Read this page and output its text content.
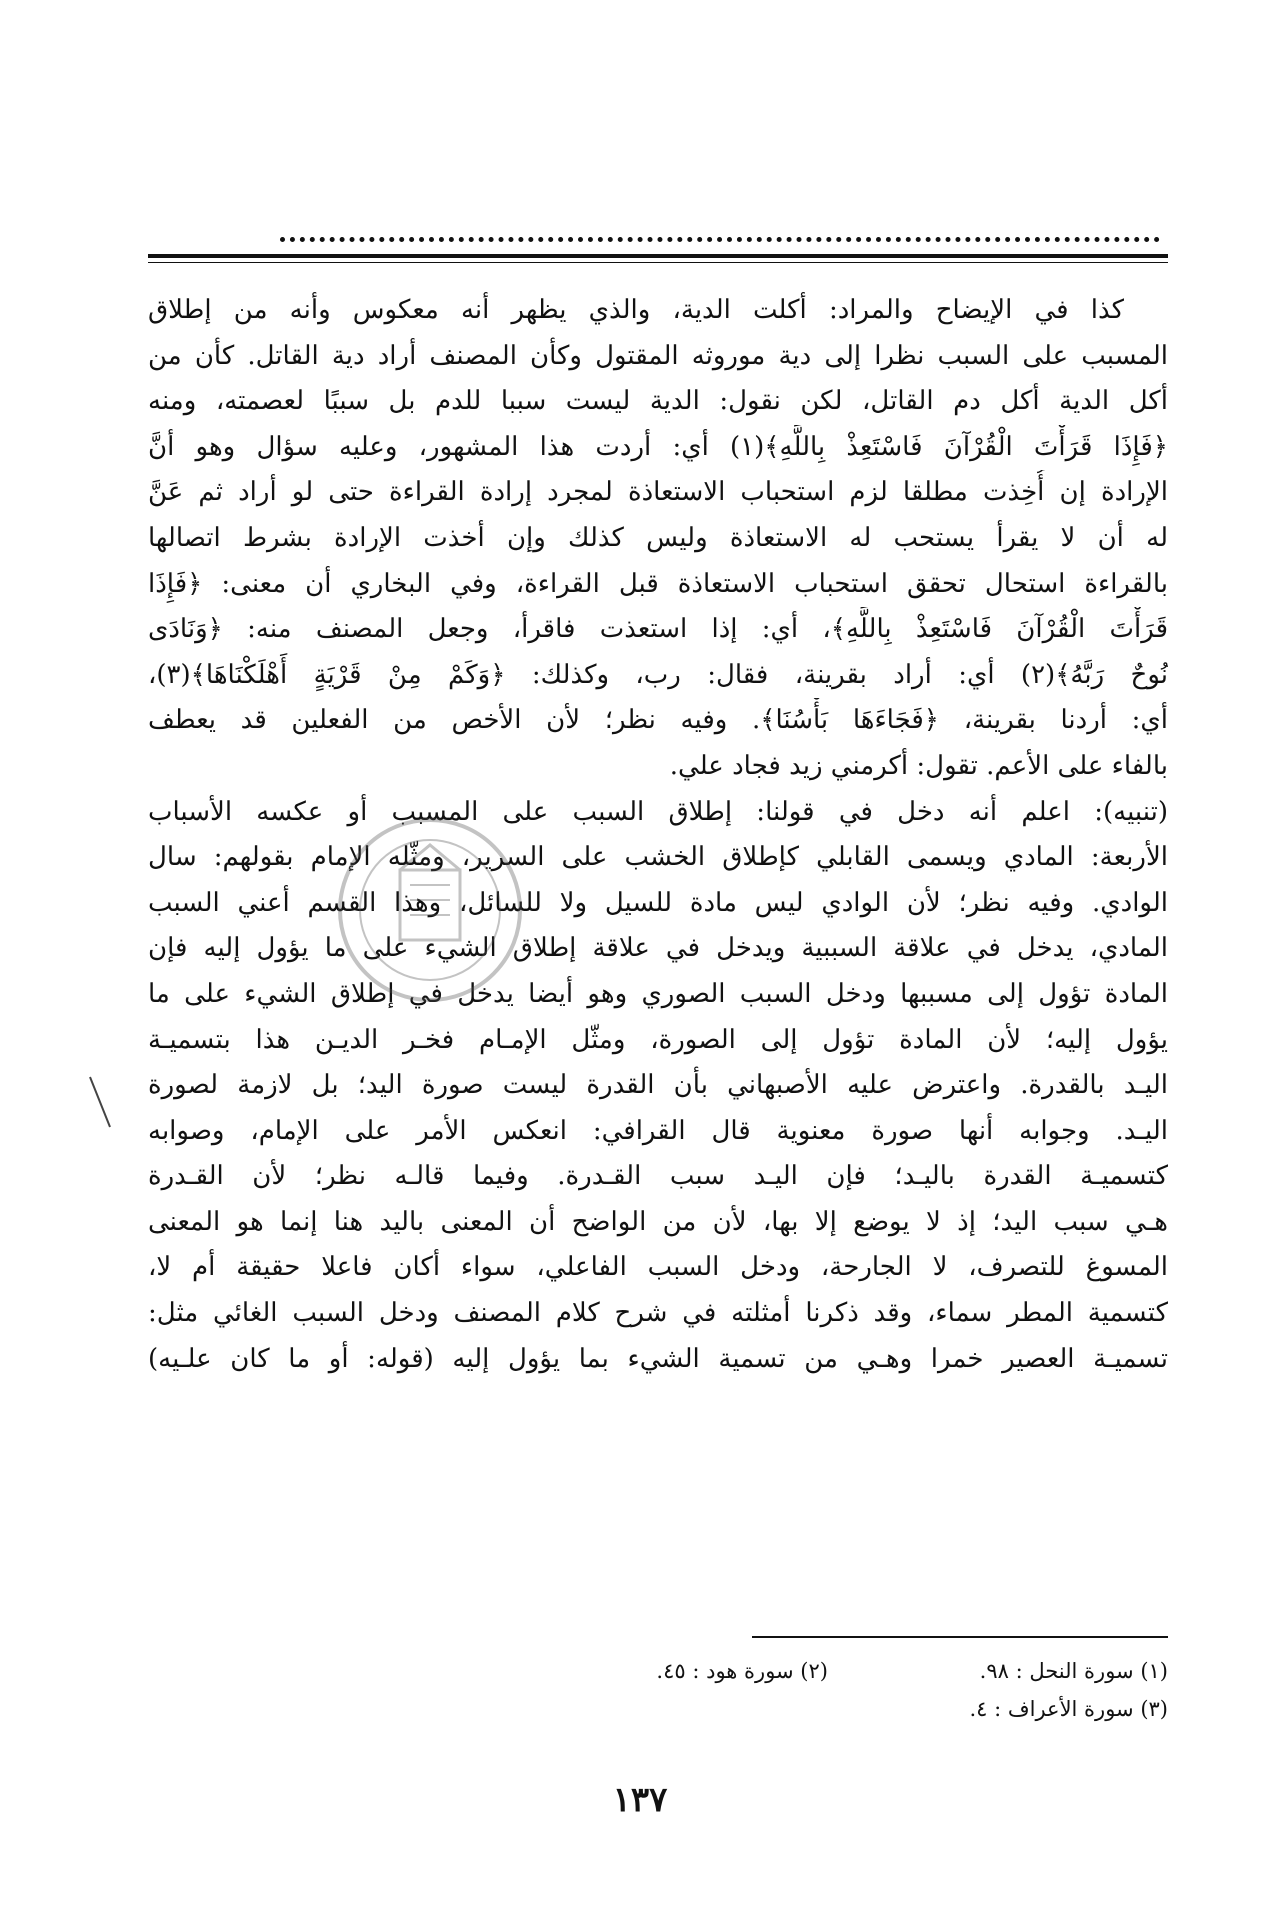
كذا في الإيضاح والمراد: أكلت الدية، والذي يظهر أنه معكوس وأنه من إطلاق
المسبب على السبب نظرا إلى دية موروثه المقتول وكأن المصنف أراد دية القاتل. كأن من
أكل الدية أكل دم القاتل، لكن نقول: الدية ليست سببا للدم بل سببًا لعصمته، ومنه
﴿فَإِذَا قَرَأْتَ الْقُرْآنَ فَاسْتَعِذْ بِاللَّهِ﴾(١) أي: أردت هذا المشهور، وعليه سؤال وهو أنَّ
الإرادة إن أُخِذت مطلقا لزم استحباب الاستعاذة لمجرد إرادة القراءة حتى لو أراد ثم عَنَّ
له أن لا يقرأ يستحب له الاستعاذة وليس كذلك وإن أخذت الإرادة بشرط اتصالها
بالقراءة استحال تحقق استحباب الاستعاذة قبل القراءة، وفي البخاري أن معنى: ﴿فَإِذَا
قَرَأْتَ الْقُرْآنَ فَاسْتَعِذْ بِاللَّهِ﴾، أي: إذا استعذت فاقرأ، وجعل المصنف منه: ﴿وَنَادَى
نُوحٌ رَبَّهُ﴾(٢) أي: أراد بقرينة، فقال: رب، وكذلك: ﴿وَكَمْ مِنْ قَرْيَةٍ أَهْلَكْنَاهَا﴾(٣)،
أي: أردنا بقرينة، ﴿فَجَاءَهَا بَأْسُنَا﴾. وفيه نظر؛ لأن الأخص من الفعلين قد يعطف
بالفاء على الأعم. تقول: أكرمني زيد فجاد علي.
(تنبيه): اعلم أنه دخل في قولنا: إطلاق السبب على المسبب أو عكسه الأسباب
الأربعة: المادي ويسمى القابلي كإطلاق الخشب على السرير، ومثّله الإمام بقولهم: سال
الوادي. وفيه نظر؛ لأن الوادي ليس مادة للسيل ولا للسائل، وهذا القسم أعني السبب
المادي، يدخل في علاقة السببية ويدخل في علاقة إطلاق الشيء على ما يؤول إليه فإن
المادة تؤول إلى مسببها ودخل السبب الصوري وهو أيضا يدخل في إطلاق الشيء على ما
يؤول إليه؛ لأن المادة تؤول إلى الصورة، ومثّل الإمـام فخـر الديـن هذا بتسميـة
اليـد بالقدرة. واعترض عليه الأصبهاني بأن القدرة ليست صورة اليد؛ بل لازمة لصورة
اليـد. وجوابه أنها صورة معنوية قال القرافي: انعكس الأمر على الإمام، وصوابه
كتسميـة القدرة باليـد؛ فإن اليـد سبب القـدرة. وفيما قالـه نظر؛ لأن القـدرة
هـي سبب اليد؛ إذ لا يوضع إلا بها، لأن من الواضح أن المعنى باليد هنا إنما هو المعنى
المسوغ للتصرف، لا الجارحة، ودخل السبب الفاعلي، سواء أكان فاعلا حقيقة أم لا،
كتسمية المطر سماء، وقد ذكرنا أمثلته في شرح كلام المصنف ودخل السبب الغائي مثل:
تسميـة العصير خمرا وهـي من تسمية الشيء بما يؤول إليه (قوله: أو ما كان علـيه)
(١) سورة النحل : ٩٨.
(٢) سورة هود : ٤٥.
(٣) سورة الأعراف : ٤.
١٣٧
